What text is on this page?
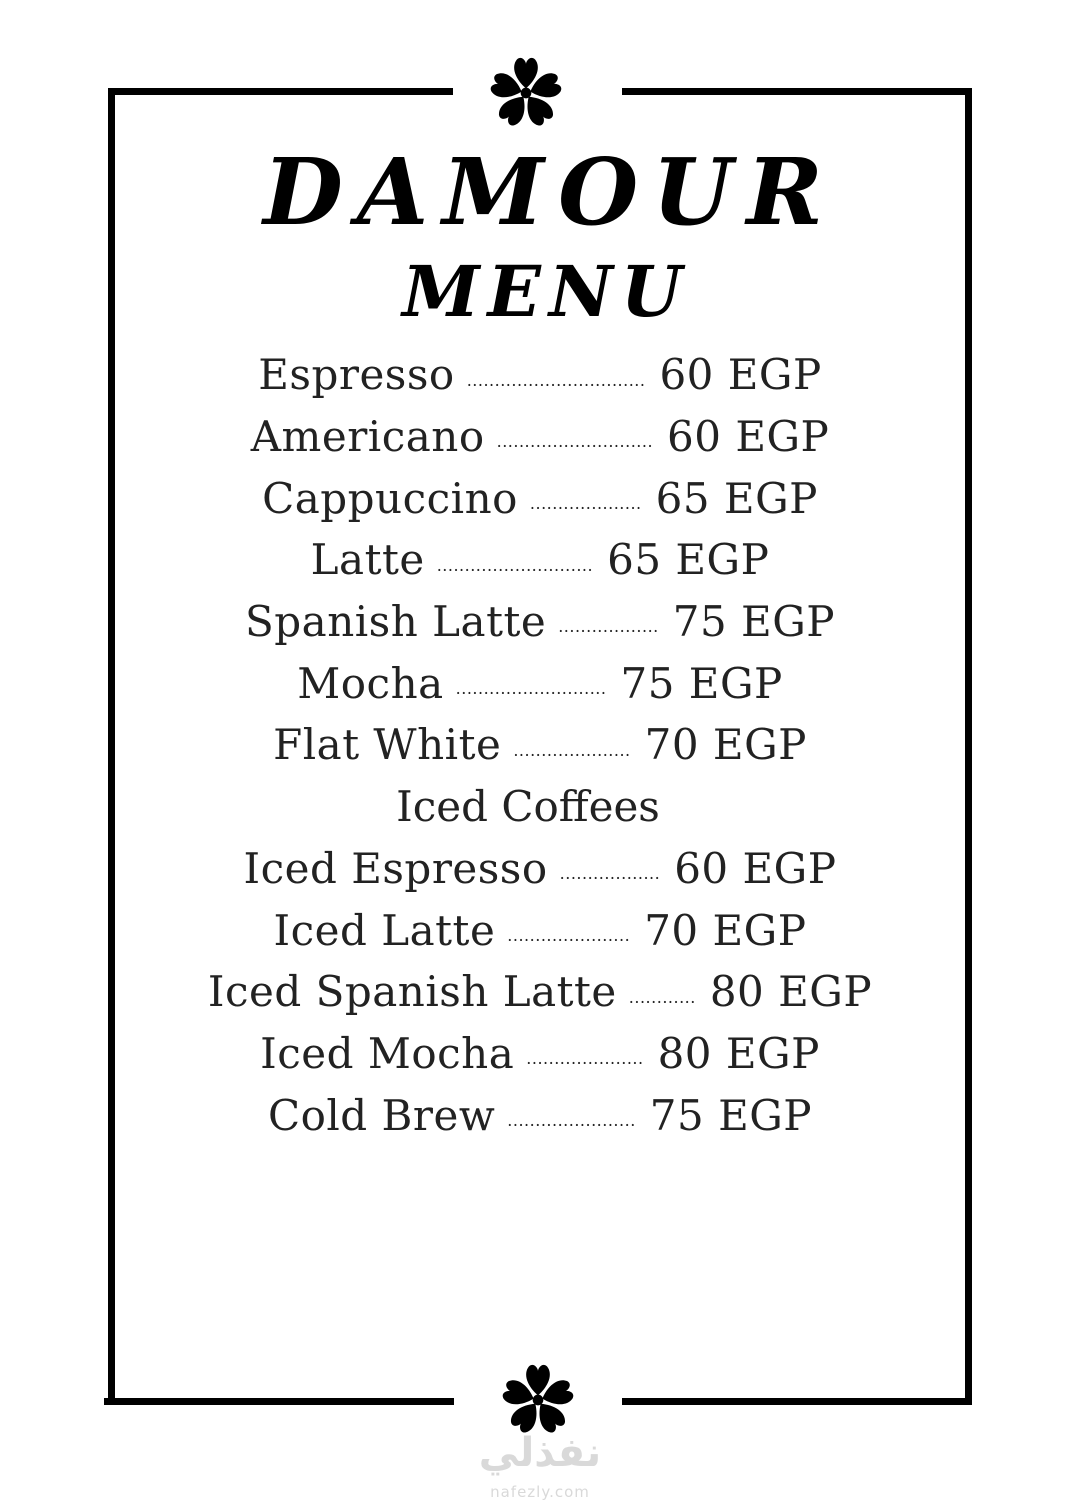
DAMOUR
MENU
Espresso ................................ 60 EGP
Americano ............................ 60 EGP
Cappuccino .................... 65 EGP
Latte ............................ 65 EGP
Spanish Latte .................. 75 EGP
Mocha ........................... 75 EGP
Flat White ..................... 70 EGP
Iced Coffees
Iced Espresso .................. 60 EGP
Iced Latte ...................... 70 EGP
Iced Spanish Latte ............ 80 EGP
Iced Mocha ..................... 80 EGP
Cold Brew ....................... 75 EGP
نفذلي
nafezly.com
